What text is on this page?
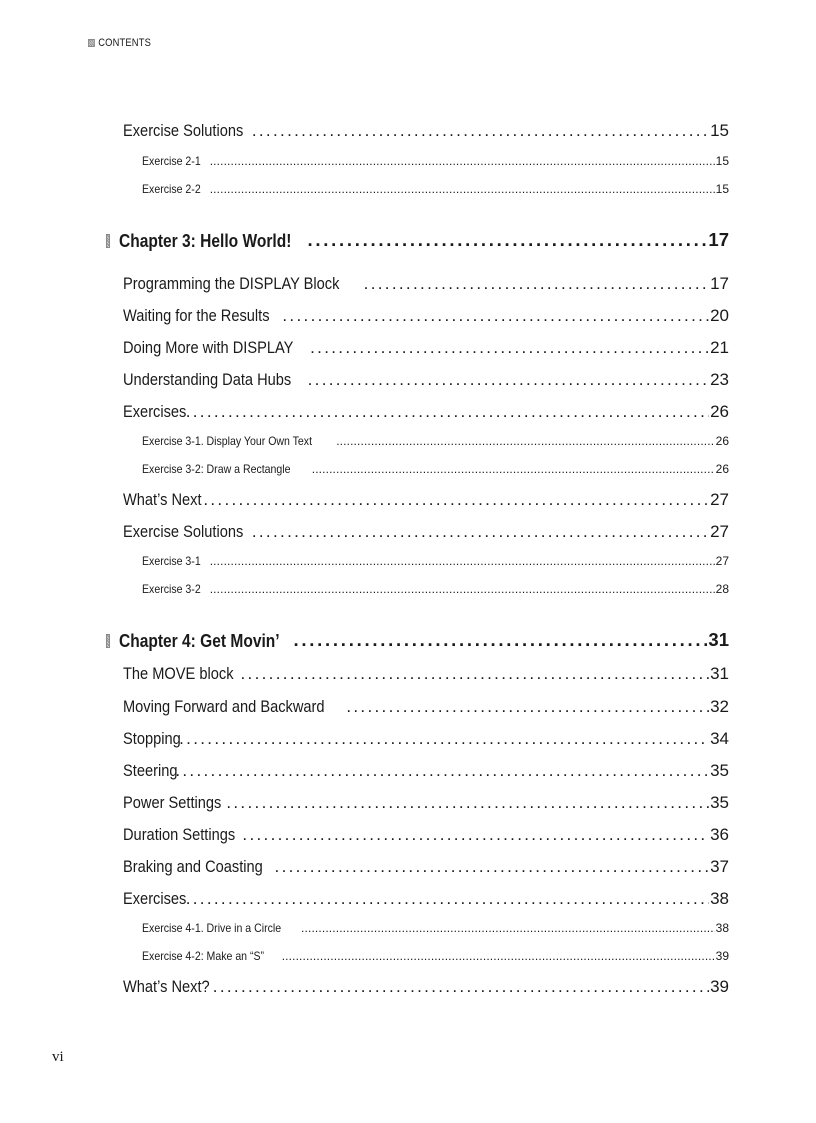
CONTENTS
Exercise Solutions . . .	15
Exercise 2-1 . . .	15
Exercise 2-2 . . .	15
Chapter 3: Hello World! . . .	17
Programming the DISPLAY Block . . .	17
Waiting for the Results . . .	20
Doing More with DISPLAY . . .	21
Understanding Data Hubs . . .	23
Exercises . . .	26
Exercise 3-1. Display Your Own Text . . .	26
Exercise 3-2: Draw a Rectangle . . .	26
What’s Next . . .	27
Exercise Solutions . . .	27
Exercise 3-1 . . .	27
Exercise 3-2 . . .	28
Chapter 4: Get Movin’ . . .	31
The MOVE block . . .	31
Moving Forward and Backward . . .	32
Stopping . . .	34
Steering . . .	35
Power Settings . . .	35
Duration Settings . . .	36
Braking and Coasting . . .	37
Exercises . . .	38
Exercise 4-1. Drive in a Circle . . .	38
Exercise 4-2: Make an “S” . . .	39
What’s Next? . . .	39
vi
